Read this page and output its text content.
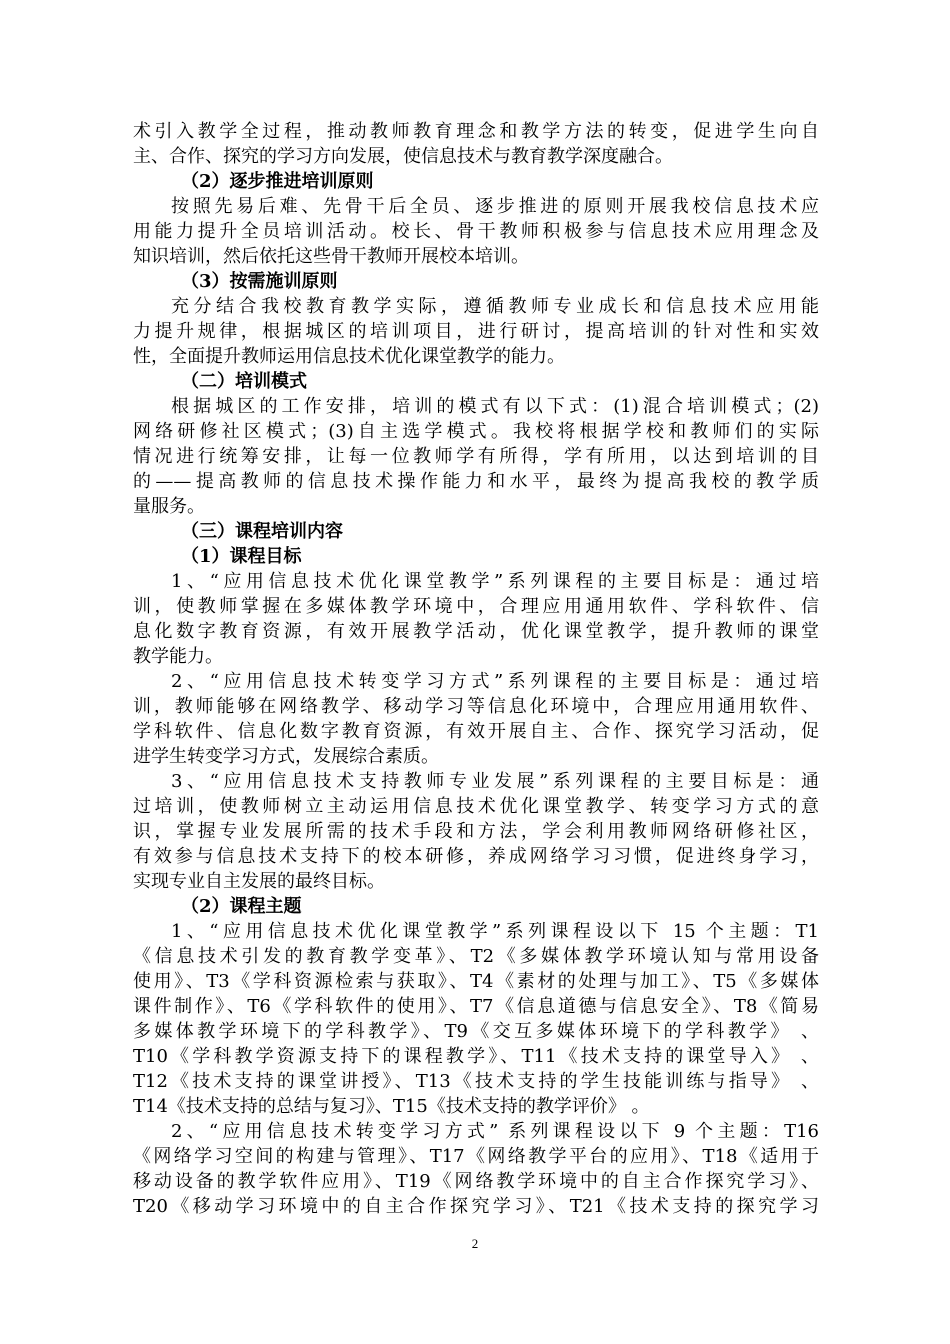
术引入教学全过程，推动教师教育理念和教学方法的转变，促进学生向自
主、合作、探究的学习方向发展，使信息技术与教育教学深度融合。
（2）逐步推进培训原则
按照先易后难、先骨干后全员、逐步推进的原则开展我校信息技术应
用能力提升全员培训活动。校长、骨干教师积极参与信息技术应用理念及
知识培训，然后依托这些骨干教师开展校本培训。
（3）按需施训原则
充分结合我校教育教学实际，遵循教师专业成长和信息技术应用能
力提升规律，根据城区的培训项目，进行研讨，提高培训的针对性和实效
性，全面提升教师运用信息技术优化课堂教学的能力。
（二）培训模式
根据城区的工作安排，培训的模式有以下式：(1)混合培训模式；(2)
网络研修社区模式；(3)自主选学模式。我校将根据学校和教师们的实际
情况进行统筹安排，让每一位教师学有所得，学有所用，以达到培训的目
的——提高教师的信息技术操作能力和水平，最终为提高我校的教学质
量服务。
（三）课程培训内容
（1）课程目标
1、“应用信息技术优化课堂教学”系列课程的主要目标是：通过培
训，使教师掌握在多媒体教学环境中，合理应用通用软件、学科软件、信
息化数字教育资源，有效开展教学活动，优化课堂教学，提升教师的课堂
教学能力。
2、“应用信息技术转变学习方式”系列课程的主要目标是：通过培
训，教师能够在网络教学、移动学习等信息化环境中，合理应用通用软件、
学科软件、信息化数字教育资源，有效开展自主、合作、探究学习活动，促
进学生转变学习方式，发展综合素质。
3、“应用信息技术支持教师专业发展”系列课程的主要目标是：通
过培训，使教师树立主动运用信息技术优化课堂教学、转变学习方式的意
识，掌握专业发展所需的技术手段和方法，学会利用教师网络研修社区，
有效参与信息技术支持下的校本研修，养成网络学习习惯，促进终身学习，
实现专业自主发展的最终目标。
（2）课程主题
1、“应用信息技术优化课堂教学”系列课程设以下 15 个主题：T1
《信息技术引发的教育教学变革》、T2《多媒体教学环境认知与常用设备
使用》、T3《学科资源检索与获取》、T4《素材的处理与加工》、T5《多媒体
课件制作》、T6《学科软件的使用》、T7《信息道德与信息安全》、T8《简易
多媒体教学环境下的学科教学》、T9《交互多媒体环境下的学科教学》 、
T10《学科教学资源支持下的课程教学》、T11《技术支持的课堂导入》 、
T12《技术支持的课堂讲授》、T13《技术支持的学生技能训练与指导》 、
T14《技术支持的总结与复习》、T15《技术支持的教学评价》 。
2、“应用信息技术转变学习方式” 系列课程设以下 9 个主题：T16
《网络学习空间的构建与管理》、T17《网络教学平台的应用》、T18《适用于
移动设备的教学软件应用》、T19《网络教学环境中的自主合作探究学习》、
T20《移动学习环境中的自主合作探究学习》、T21《技术支持的探究学习
2
